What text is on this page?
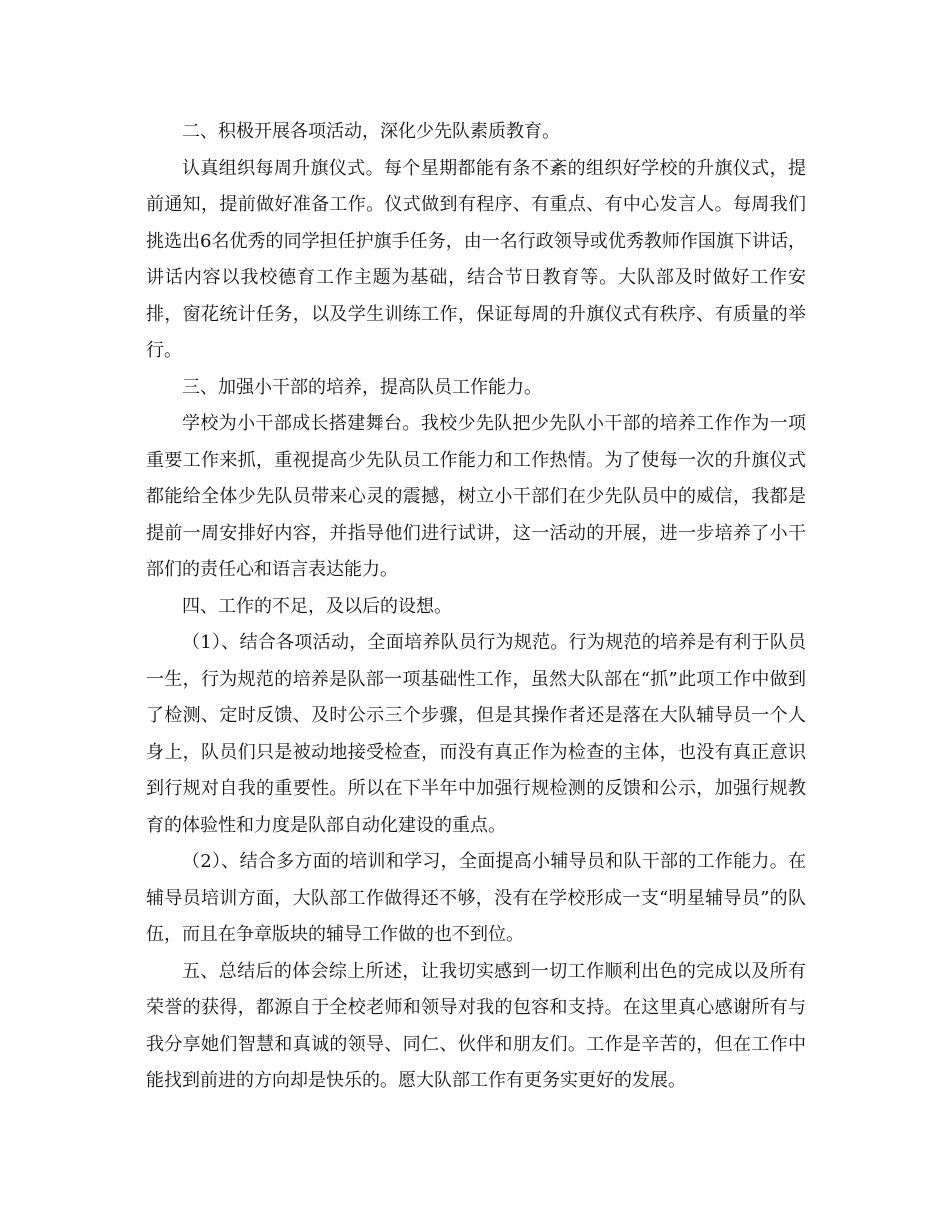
二、积极开展各项活动，深化少先队素质教育。

认真组织每周升旗仪式。每个星期都能有条不紊的组织好学校的升旗仪式，提前通知，提前做好准备工作。仪式做到有程序、有重点、有中心发言人。每周我们挑选出6名优秀的同学担任护旗手任务，由一名行政领导或优秀教师作国旗下讲话，讲话内容以我校德育工作主题为基础，结合节日教育等。大队部及时做好工作安排，窗花统计任务，以及学生训练工作，保证每周的升旗仪式有秩序、有质量的举行。

三、加强小干部的培养，提高队员工作能力。

学校为小干部成长搭建舞台。我校少先队把少先队小干部的培养工作作为一项重要工作来抓，重视提高少先队员工作能力和工作热情。为了使每一次的升旗仪式都能给全体少先队员带来心灵的震撼，树立小干部们在少先队员中的威信，我都是提前一周安排好内容，并指导他们进行试讲，这一活动的开展，进一步培养了小干部们的责任心和语言表达能力。

四、工作的不足，及以后的设想。

（1）、结合各项活动，全面培养队员行为规范。行为规范的培养是有利于队员一生，行为规范的培养是队部一项基础性工作，虽然大队部在“抓”此项工作中做到了检测、定时反馈、及时公示三个步骤，但是其操作者还是落在大队辅导员一个人身上，队员们只是被动地接受检查，而没有真正作为检查的主体，也没有真正意识到行规对自我的重要性。所以在下半年中加强行规检测的反馈和公示，加强行规教育的体验性和力度是队部自动化建设的重点。

（2）、结合多方面的培训和学习，全面提高小辅导员和队干部的工作能力。在辅导员培训方面，大队部工作做得还不够，没有在学校形成一支“明星辅导员”的队伍，而且在争章版块的辅导工作做的也不到位。

五、总结后的体会综上所述，让我切实感到一切工作顺利出色的完成以及所有荣誉的获得，都源自于全校老师和领导对我的包容和支持。在这里真心感谢所有与我分享她们智慧和真诚的领导、同仁、伙伴和朋友们。工作是辛苦的，但在工作中能找到前进的方向却是快乐的。愿大队部工作有更务实更好的发展。
